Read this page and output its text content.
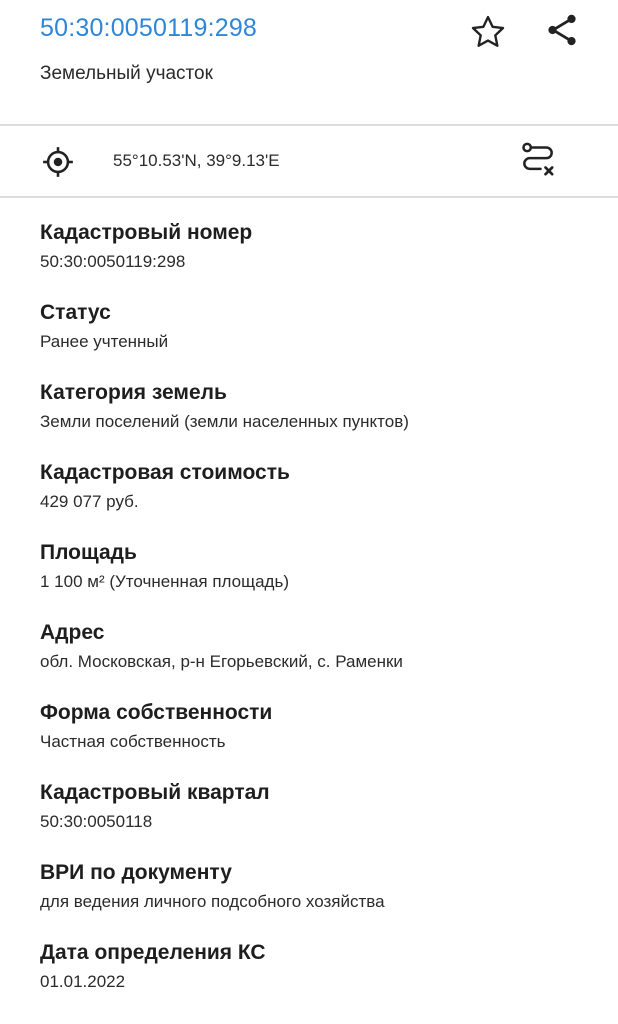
50:30:0050119:298
Земельный участок
55°10.53'N, 39°9.13'E
Кадастровый номер
50:30:0050119:298
Статус
Ранее учтенный
Категория земель
Земли поселений (земли населенных пунктов)
Кадастровая стоимость
429 077 руб.
Площадь
1 100 м² (Уточненная площадь)
Адрес
обл. Московская, р-н Егорьевский, с. Раменки
Форма собственности
Частная собственность
Кадастровый квартал
50:30:0050118
ВРИ по документу
для ведения личного подсобного хозяйства
Дата определения КС
01.01.2022
